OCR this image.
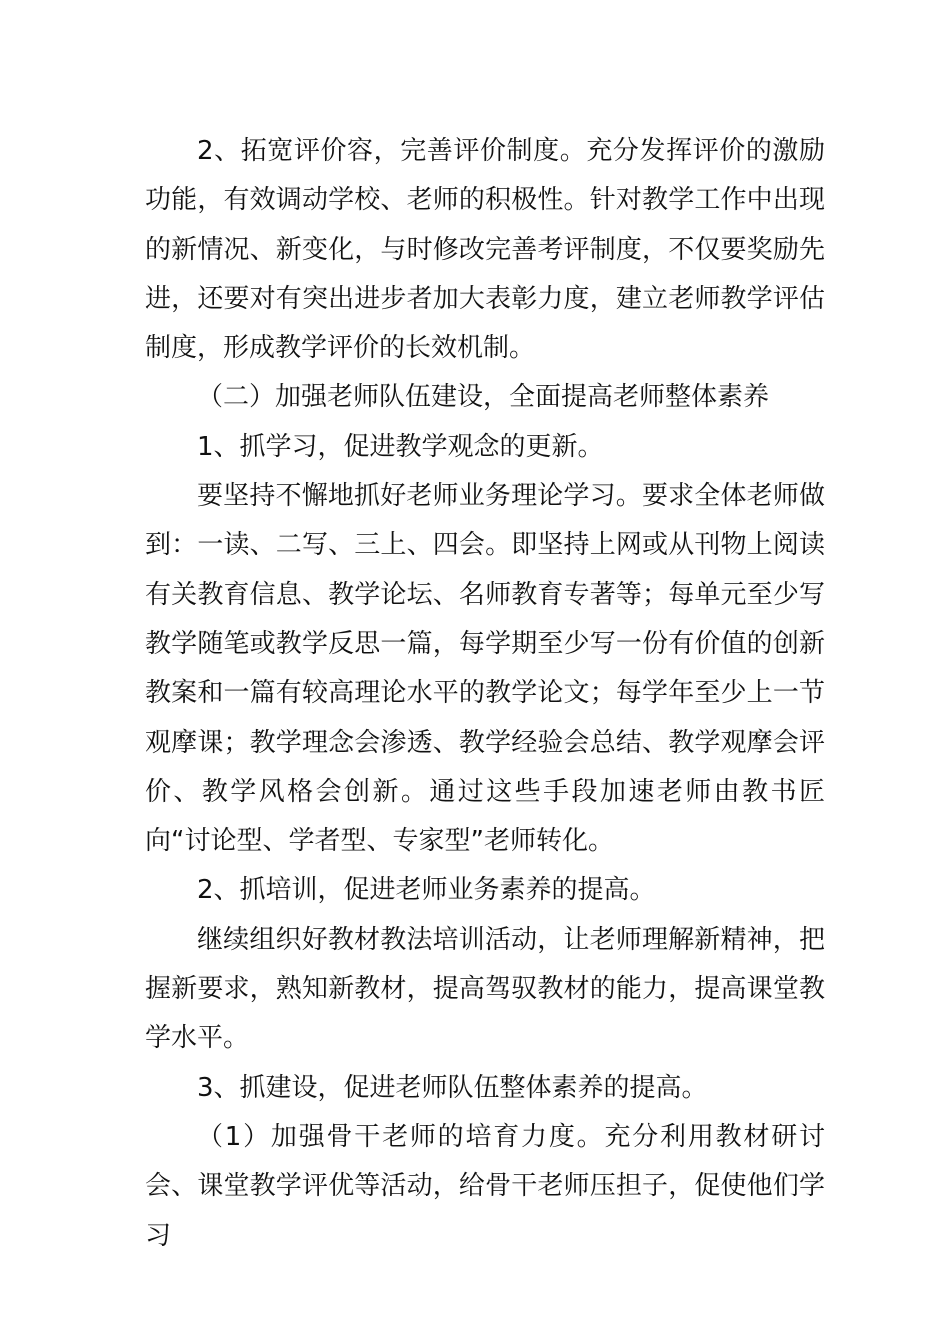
2、拓宽评价容，完善评价制度。充分发挥评价的激励功能，有效调动学校、老师的积极性。针对教学工作中出现的新情况、新变化，与时修改完善考评制度，不仅要奖励先进，还要对有突出进步者加大表彰力度，建立老师教学评估制度，形成教学评价的长效机制。

（二）加强老师队伍建设，全面提高老师整体素养

1、抓学习，促进教学观念的更新。

要坚持不懈地抓好老师业务理论学习。要求全体老师做到：一读、二写、三上、四会。即坚持上网或从刊物上阅读有关教育信息、教学论坛、名师教育专著等；每单元至少写教学随笔或教学反思一篇，每学期至少写一份有价值的创新教案和一篇有较高理论水平的教学论文；每学年至少上一节观摩课；教学理念会渗透、教学经验会总结、教学观摩会评价、教学风格会创新。通过这些手段加速老师由教书匠向“讨论型、学者型、专家型”老师转化。

2、抓培训，促进老师业务素养的提高。

继续组织好教材教法培训活动，让老师理解新精神，把握新要求，熟知新教材，提高驾驭教材的能力，提高课堂教学水平。

3、抓建设，促进老师队伍整体素养的提高。

（1）加强骨干老师的培育力度。充分利用教材研讨会、课堂教学评优等活动，给骨干老师压担子，促使他们学习
